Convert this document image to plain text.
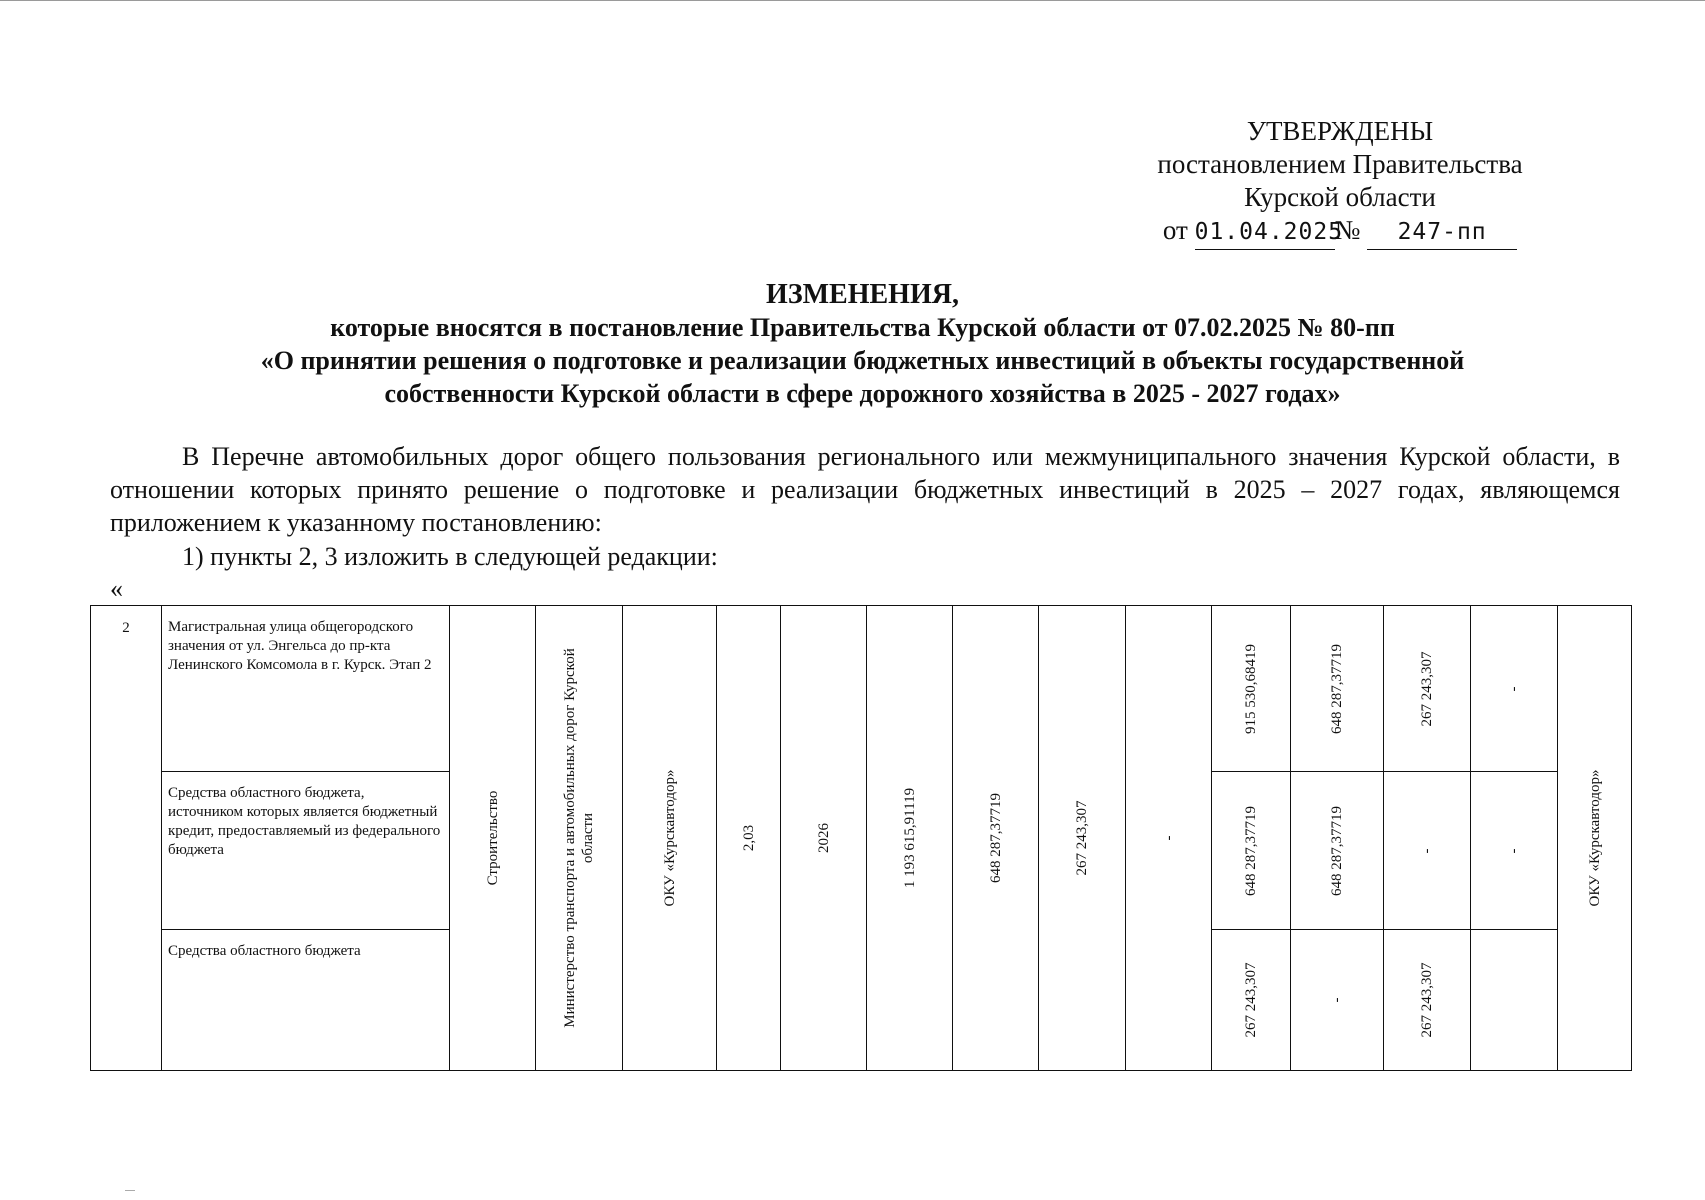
УТВЕРЖДЕНЫ
постановлением Правительства
Курской области
от 01.04.2025№ 247-пп
ИЗМЕНЕНИЯ,
которые вносятся в постановление Правительства Курской области от 07.02.2025 № 80-пп
«О принятии решения о подготовке и реализации бюджетных инвестиций в объекты государственной
собственности Курской области в сфере дорожного хозяйства в 2025 - 2027 годах»
В Перечне автомобильных дорог общего пользования регионального или межмуниципального значения Курской области, в отношении которых принято решение о подготовке и реализации бюджетных инвестиций в 2025 – 2027 годах, являющемся приложением к указанному постановлению:
1) пункты 2, 3 изложить в следующей редакции:
«
2	Магистральная улица общегородского значения от ул. Энгельса до пр-кта Ленинского Комсомола в г. Курск. Этап 2	Строительство	Министерство транспорта и автомобильных дорог Курской области	ОКУ «Курскавтодор»	2,03	2026	1 193 615,91119	648 287,37719	267 243,307	-	915 530,68419	648 287,37719	267 243,307	-	ОКУ «Курскавтодор»

	Средства областного бюджета, источником которых является бюджетный кредит, предоставляемый из федерального бюджета										648 287,37719	648 287,37719	-	-	

	Средства областного бюджета										267 243,307	-	267 243,307		
